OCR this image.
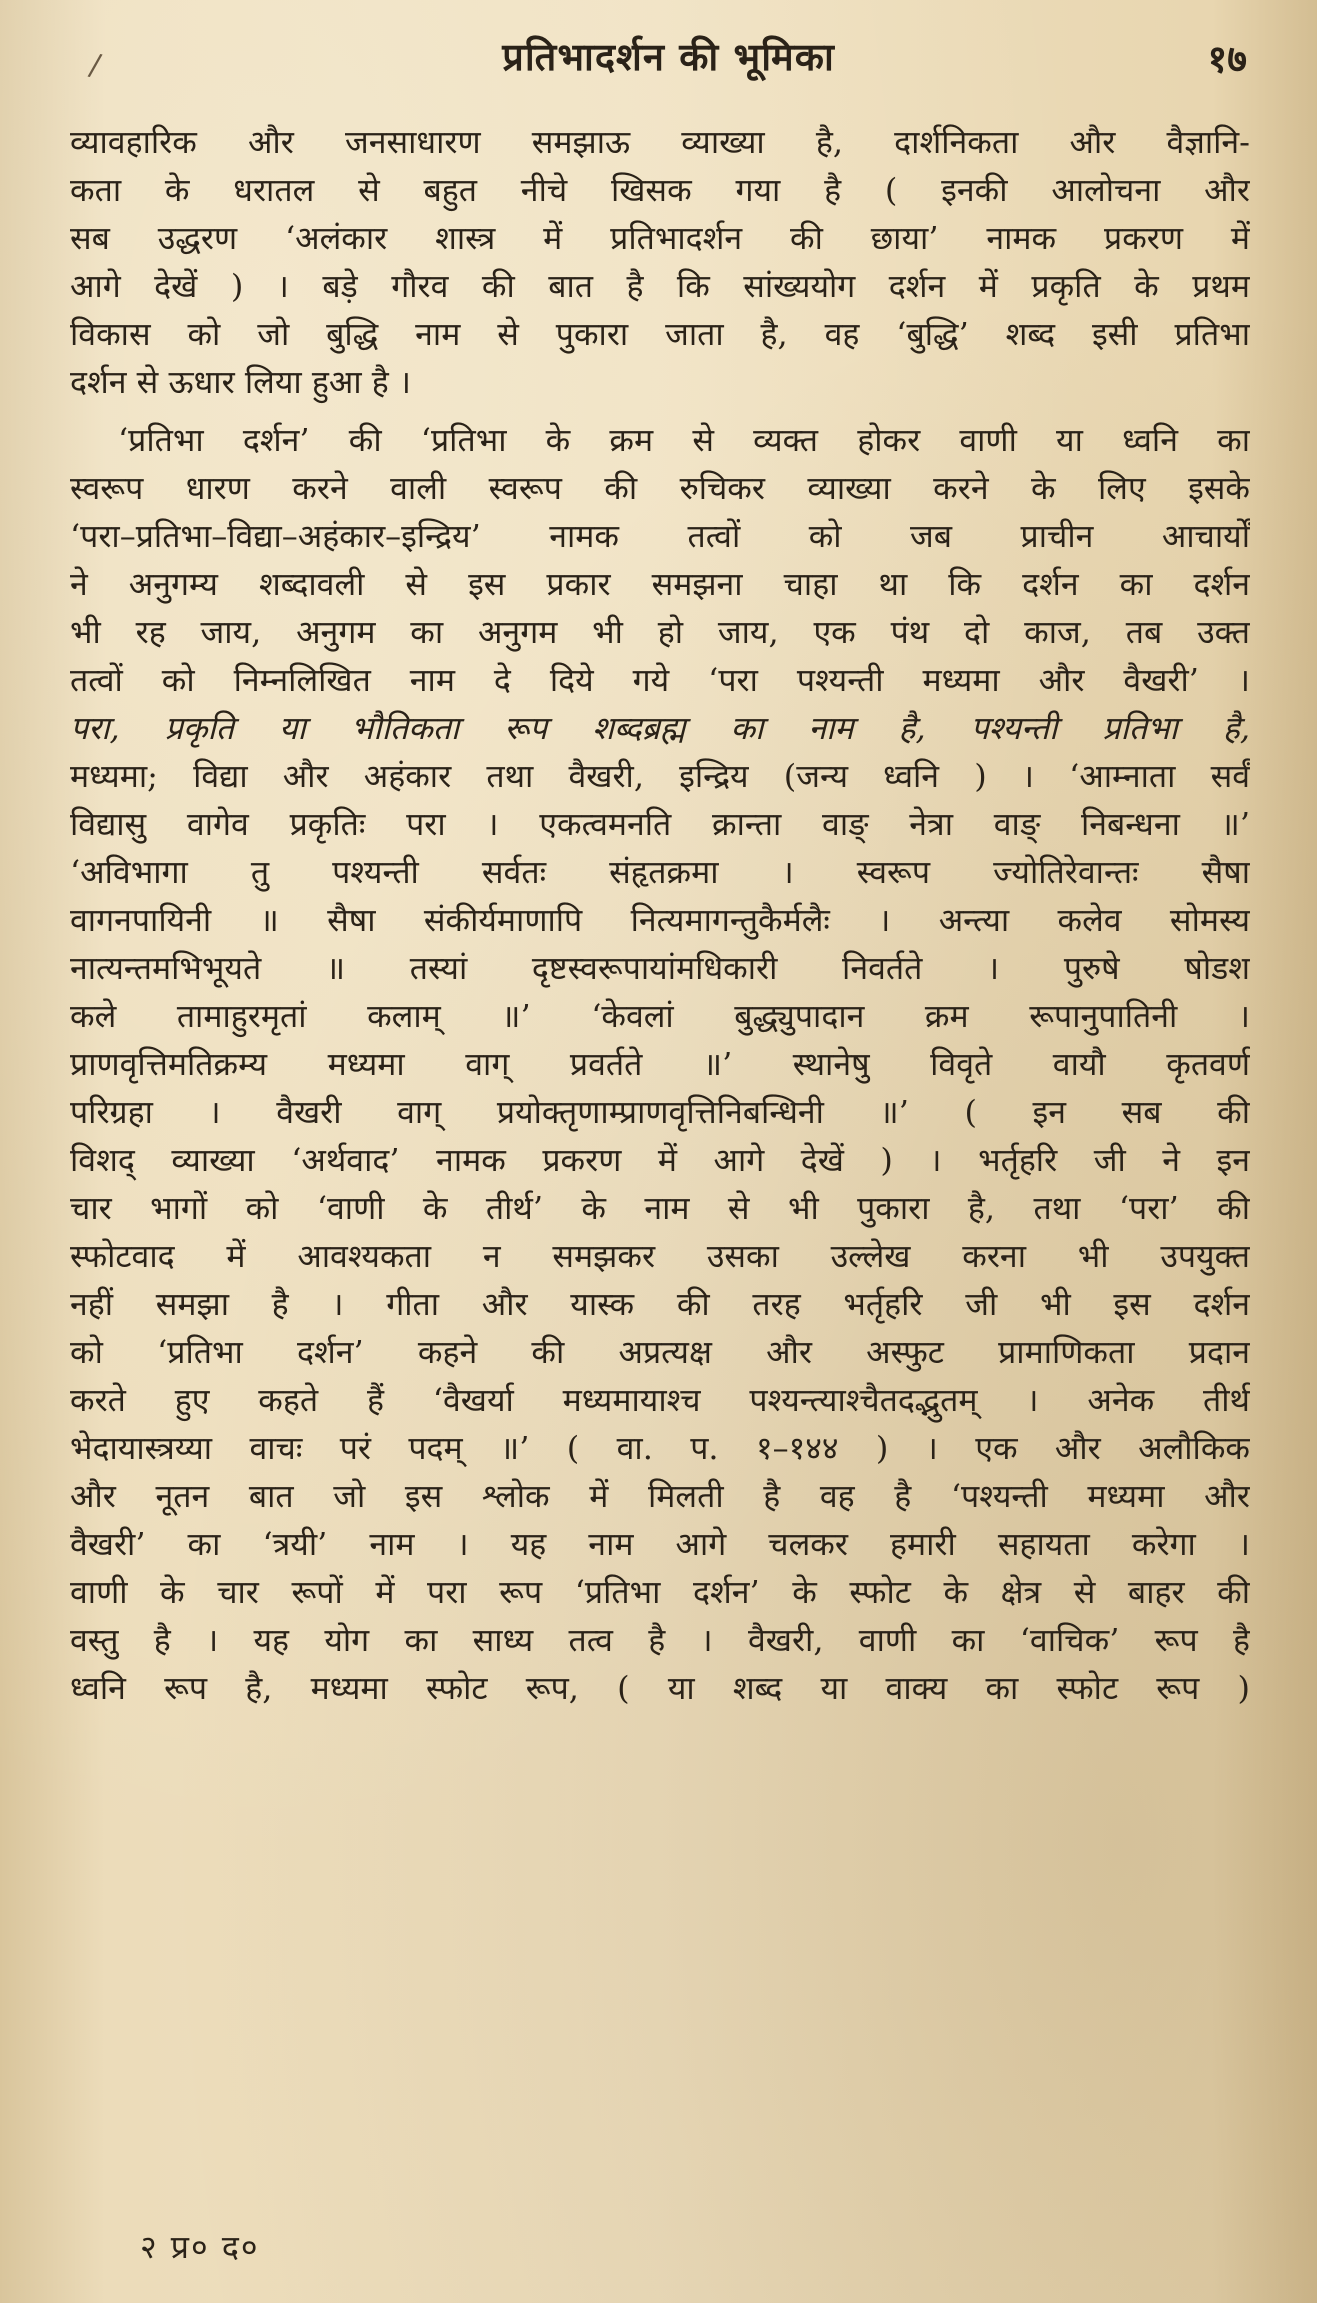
/	प्रतिभादर्शन की भूमिका	१७
व्यावहारिक और जनसाधारण समझाऊ व्याख्या है, दार्शनिकता और वैज्ञानि-
कता के धरातल से बहुत नीचे खिसक गया है ( इनकी आलोचना और
सब उद्धरण ‘अलंकार शास्त्र में प्रतिभादर्शन की छाया’ नामक प्रकरण में
आगे देखें ) । बड़े गौरव की बात है कि सांख्ययोग दर्शन में प्रकृति के प्रथम
विकास को जो बुद्धि नाम से पुकारा जाता है, वह ‘बुद्धि’ शब्द इसी प्रतिभा
दर्शन से ऊधार लिया हुआ है ।
‘प्रतिभा दर्शन’ की ‘प्रतिभा के क्रम से व्यक्त होकर वाणी या ध्वनि का
स्वरूप धारण करने वाली स्वरूप की रुचिकर व्याख्या करने के लिए इसके
‘परा–प्रतिभा–विद्या–अहंकार–इन्द्रिय’ नामक तत्वों को जब प्राचीन आचार्यों
ने अनुगम्य शब्दावली से इस प्रकार समझना चाहा था कि दर्शन का दर्शन
भी रह जाय, अनुगम का अनुगम भी हो जाय, एक पंथ दो काज, तब उक्त
तत्वों को निम्नलिखित नाम दे दिये गये ‘परा पश्यन्ती मध्यमा और वैखरी’ ।
परा, प्रकृति या भौतिकता रूप शब्दब्रह्म का नाम है, पश्यन्ती प्रतिभा है,
मध्यमा; विद्या और अहंकार तथा वैखरी, इन्द्रिय (जन्य ध्वनि ) । ‘आम्नाता सर्वं
विद्यासु वागेव प्रकृतिः परा । एकत्वमनति क्रान्ता वाङ् नेत्रा वाङ् निबन्धना ॥’
‘अविभागा तु पश्यन्ती सर्वतः संहृतक्रमा । स्वरूप ज्योतिरेवान्तः सैषा
वागनपायिनी ॥ सैषा संकीर्यमाणापि नित्यमागन्तुकैर्मलैः । अन्त्या कलेव सोमस्य
नात्यन्तमभिभूयते ॥ तस्यां दृष्टस्वरूपायांमधिकारी निवर्तते । पुरुषे षोडश
कले तामाहुरमृतां कलाम् ॥’ ‘केवलां बुद्ध्युपादान क्रम रूपानुपातिनी ।
प्राणवृत्तिमतिक्रम्य मध्यमा वाग् प्रवर्तते ॥’ स्थानेषु विवृते वायौ कृतवर्ण
परिग्रहा । वैखरी वाग् प्रयोक्तृणाम्प्राणवृत्तिनिबन्धिनी ॥’ ( इन सब की
विशद् व्याख्या ‘अर्थवाद’ नामक प्रकरण में आगे देखें ) । भर्तृहरि जी ने इन
चार भागों को ‘वाणी के तीर्थ’ के नाम से भी पुकारा है, तथा ‘परा’ की
स्फोटवाद में आवश्यकता न समझकर उसका उल्लेख करना भी उपयुक्त
नहीं समझा है । गीता और यास्क की तरह भर्तृहरि जी भी इस दर्शन
को ‘प्रतिभा दर्शन’ कहने की अप्रत्यक्ष और अस्फुट प्रामाणिकता प्रदान
करते हुए कहते हैं ‘वैखर्या मध्यमायाश्च पश्यन्त्याश्चैतदद्भुतम् । अनेक तीर्थ
भेदायास्त्रय्या वाचः परं पदम् ॥’ ( वा. प. १–१४४ ) । एक और अलौकिक
और नूतन बात जो इस श्लोक में मिलती है वह है ‘पश्यन्ती मध्यमा और
वैखरी’ का ‘त्रयी’ नाम । यह नाम आगे चलकर हमारी सहायता करेगा ।
वाणी के चार रूपों में परा रूप ‘प्रतिभा दर्शन’ के स्फोट के क्षेत्र से बाहर की
वस्तु है । यह योग का साध्य तत्व है । वैखरी, वाणी का ‘वाचिक’ रूप है
ध्वनि रूप है, मध्यमा स्फोट रूप, ( या शब्द या वाक्य का स्फोट रूप )
२ प्र० द०
